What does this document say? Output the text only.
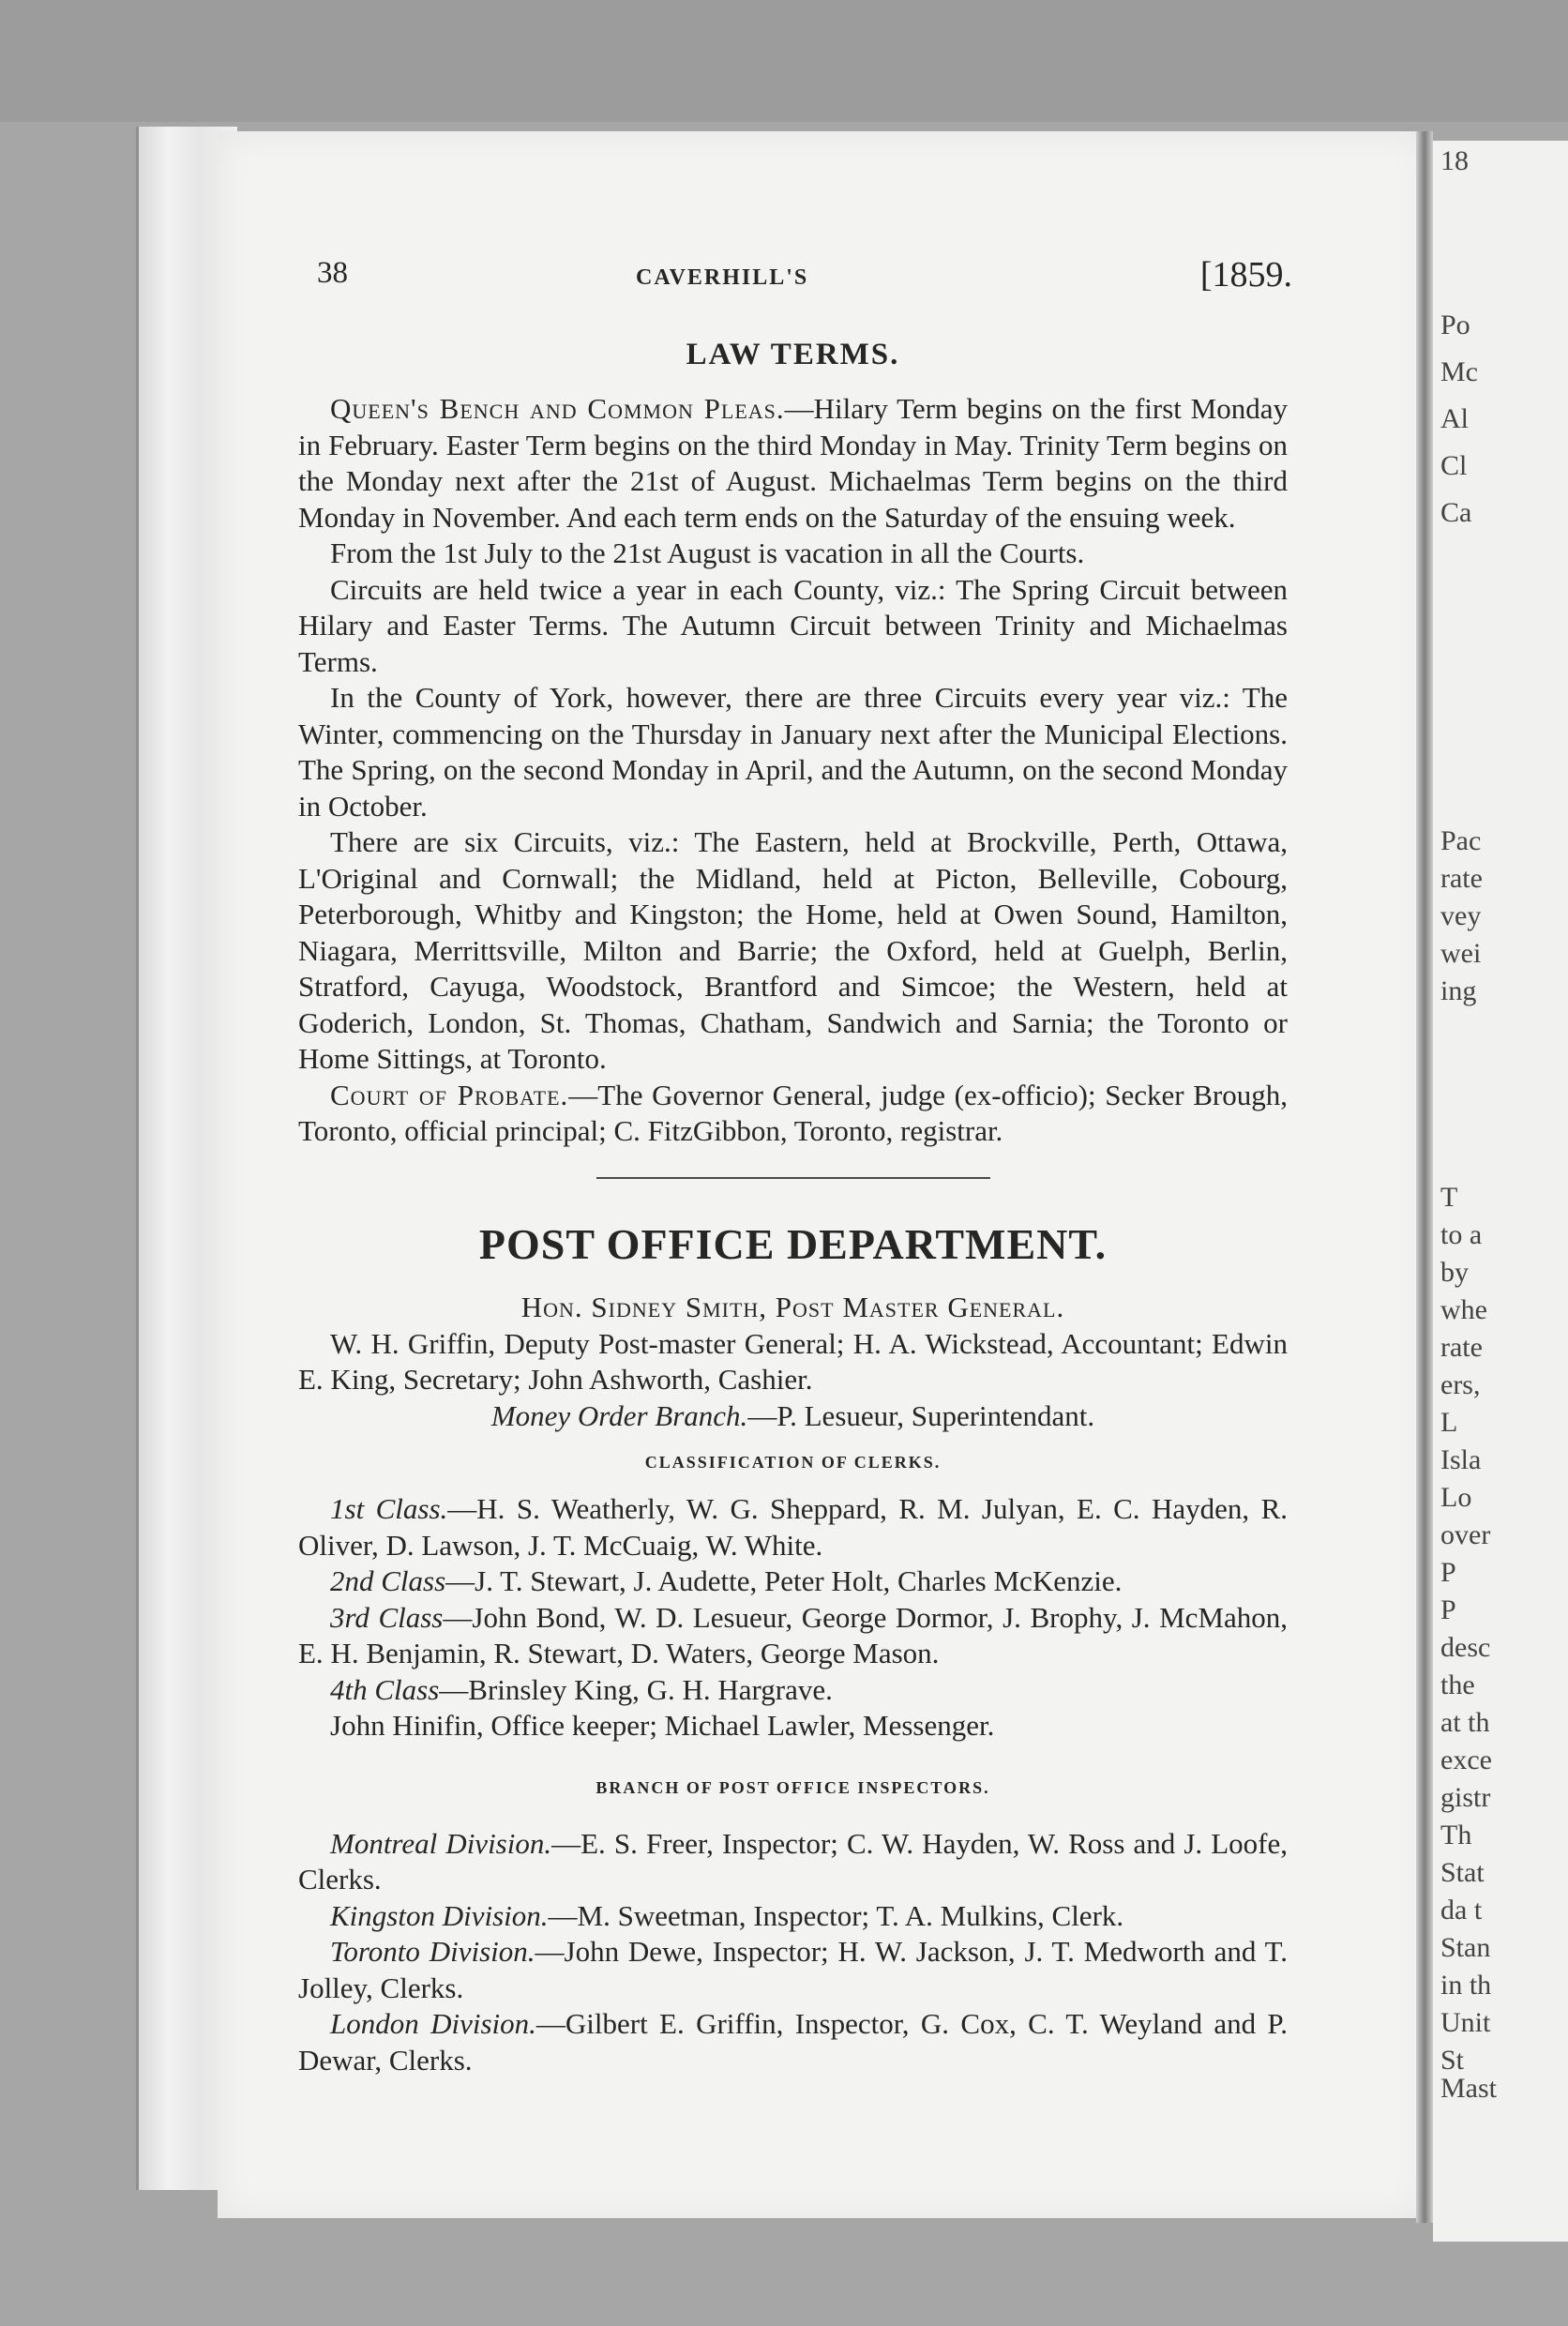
18
Po
Mc
Al
Cl
Ca
Pac
rate
vey
wei
ing
T
to a
by
whe
rate
ers,
L
Isla
Lo
over
P
P
desc
the
at th
exce
gistr
Th
Stat
da t
Stan
in th
Unit
St
Mast
38	CAVERHILL'S	[1859.
LAW TERMS.

Queen's Bench and Common Pleas.—Hilary Term begins on the first Monday in February. Easter Term begins on the third Monday in May. Trinity Term begins on the Monday next after the 21st of August. Michaelmas Term begins on the third Monday in November. And each term ends on the Saturday of the ensuing week.

From the 1st July to the 21st August is vacation in all the Courts.

Circuits are held twice a year in each County, viz.: The Spring Circuit between Hilary and Easter Terms. The Autumn Circuit between Trinity and Michaelmas Terms.

In the County of York, however, there are three Circuits every year viz.: The Winter, commencing on the Thursday in January next after the Municipal Elections. The Spring, on the second Monday in April, and the Autumn, on the second Monday in October.

There are six Circuits, viz.: The Eastern, held at Brockville, Perth, Ottawa, L'Original and Cornwall; the Midland, held at Picton, Belleville, Cobourg, Peterborough, Whitby and Kingston; the Home, held at Owen Sound, Hamilton, Niagara, Merrittsville, Milton and Barrie; the Oxford, held at Guelph, Berlin, Stratford, Cayuga, Woodstock, Brantford and Simcoe; the Western, held at Goderich, London, St. Thomas, Chatham, Sandwich and Sarnia; the Toronto or Home Sittings, at Toronto.

Court of Probate.—The Governor General, judge (ex-officio); Secker Brough, Toronto, official principal; C. FitzGibbon, Toronto, registrar.

POST OFFICE DEPARTMENT.

Hon. Sidney Smith, Post Master General.

W. H. Griffin, Deputy Post-master General; H. A. Wickstead, Accountant; Edwin E. King, Secretary; John Ashworth, Cashier.

Money Order Branch.—P. Lesueur, Superintendant.

CLASSIFICATION OF CLERKS.

1st Class.—H. S. Weatherly, W. G. Sheppard, R. M. Julyan, E. C. Hayden, R. Oliver, D. Lawson, J. T. McCuaig, W. White.

2nd Class—J. T. Stewart, J. Audette, Peter Holt, Charles McKenzie.

3rd Class—John Bond, W. D. Lesueur, George Dormor, J. Brophy, J. McMahon, E. H. Benjamin, R. Stewart, D. Waters, George Mason.

4th Class—Brinsley King, G. H. Hargrave.

John Hinifin, Office keeper; Michael Lawler, Messenger.

BRANCH OF POST OFFICE INSPECTORS.

Montreal Division.—E. S. Freer, Inspector; C. W. Hayden, W. Ross and J. Loofe, Clerks.

Kingston Division.—M. Sweetman, Inspector; T. A. Mulkins, Clerk.

Toronto Division.—John Dewe, Inspector; H. W. Jackson, J. T. Medworth and T. Jolley, Clerks.

London Division.—Gilbert E. Griffin, Inspector, G. Cox, C. T. Weyland and P. Dewar, Clerks.
